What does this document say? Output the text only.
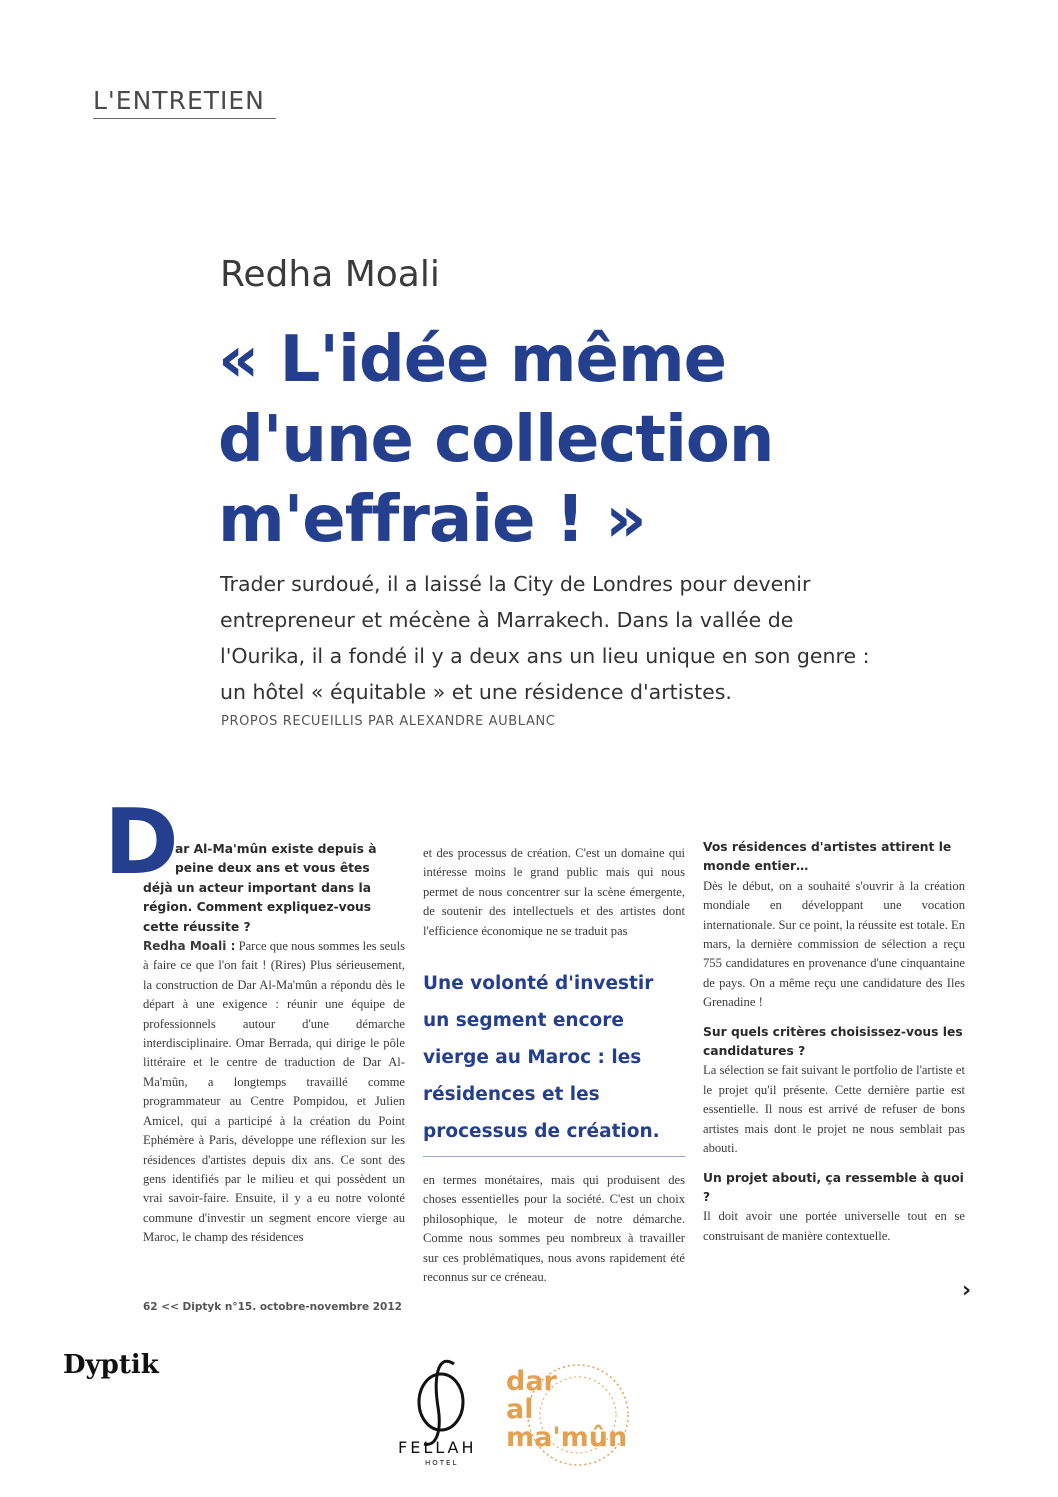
L'ENTRETIEN
Redha Moali
« L'idée même
d'une collection
m'effraie ! »
Trader surdoué, il a laissé la City de Londres pour devenir
entrepreneur et mécène à Marrakech. Dans la vallée de
l'Ourika, il a fondé il y a deux ans un lieu unique en son genre :
un hôtel « équitable » et une résidence d'artistes.
PROPOS RECUEILLIS PAR ALEXANDRE AUBLANC
D
ar Al-Ma'mûn existe depuis à
peine deux ans et vous êtes
déjà un acteur important dans la région. Comment expliquez-vous cette réussite ?
Redha Moali : Parce que nous sommes les seuls à faire ce que l'on fait ! (Rires) Plus sérieusement, la construction de Dar Al-Ma'mûn a répondu dès le départ à une exigence : réunir une équipe de professionnels autour d'une démarche interdisciplinaire. Omar Berrada, qui dirige le pôle littéraire et le centre de traduction de Dar Al-Ma'mûn, a longtemps travaillé comme programmateur au Centre Pompidou, et Julien Amicel, qui a participé à la création du Point Ephémère à Paris, développe une réflexion sur les résidences d'artistes depuis dix ans. Ce sont des gens identifiés par le milieu et qui possèdent un vrai savoir-faire. Ensuite, il y a eu notre volonté commune d'investir un segment encore vierge au Maroc, le champ des résidences
et des processus de création. C'est un domaine qui intéresse moins le grand public mais qui nous permet de nous concentrer sur la scène émergente, de soutenir des intellectuels et des artistes dont l'efficience économique ne se traduit pas
Une volonté d'investir un segment encore vierge au Maroc : les résidences et les processus de création.
en termes monétaires, mais qui produisent des choses essentielles pour la société. C'est un choix philosophique, le moteur de notre démarche. Comme nous sommes peu nombreux à travailler sur ces problématiques, nous avons rapidement été reconnus sur ce créneau.
Vos résidences d'artistes attirent le monde entier…
Dès le début, on a souhaité s'ouvrir à la création mondiale en développant une vocation internationale. Sur ce point, la réussite est totale. En mars, la dernière commission de sélection a reçu 755 candidatures en provenance d'une cinquantaine de pays. On a même reçu une candidature des Iles Grenadine !
Sur quels critères choisissez-vous les candidatures ?
La sélection se fait suivant le portfolio de l'artiste et le projet qu'il présente. Cette dernière partie est essentielle. Il nous est arrivé de refuser de bons artistes mais dont le projet ne nous semblait pas abouti.
Un projet abouti, ça ressemble à quoi ?
Il doit avoir une portée universelle tout en se construisant de manière contextuelle.
›
62 << Diptyk n°15. octobre-novembre 2012
Dyptik
FELLAH
HOTEL
dar
al
ma'mûn
